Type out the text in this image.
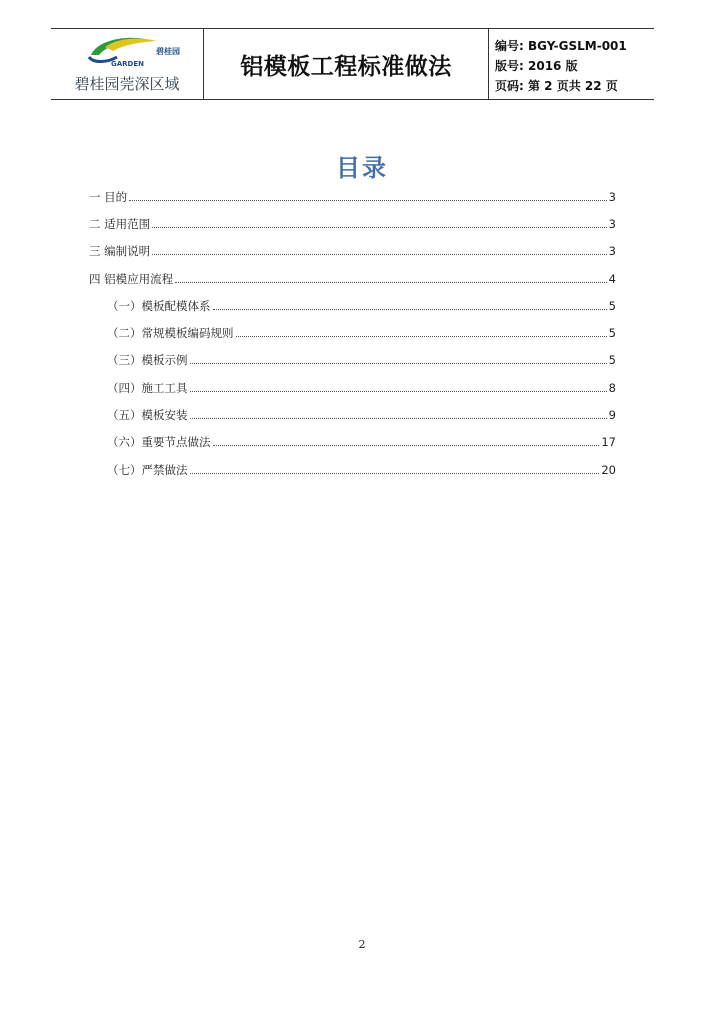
GARDEN
碧桂园
碧桂园莞深区域
铝模板工程标准做法
编号: BGY-GSLM-001
版号: 2016 版
页码: 第 2 页共 22 页
目录
一 目的	3
二 适用范围	3
三 编制说明	3
四 铝模应用流程	4
（一）模板配模体系	5
（二）常规模板编码规则	5
（三）模板示例	5
（四）施工工具	8
（五）模板安装	9
（六）重要节点做法	17
（七）严禁做法	20
2
